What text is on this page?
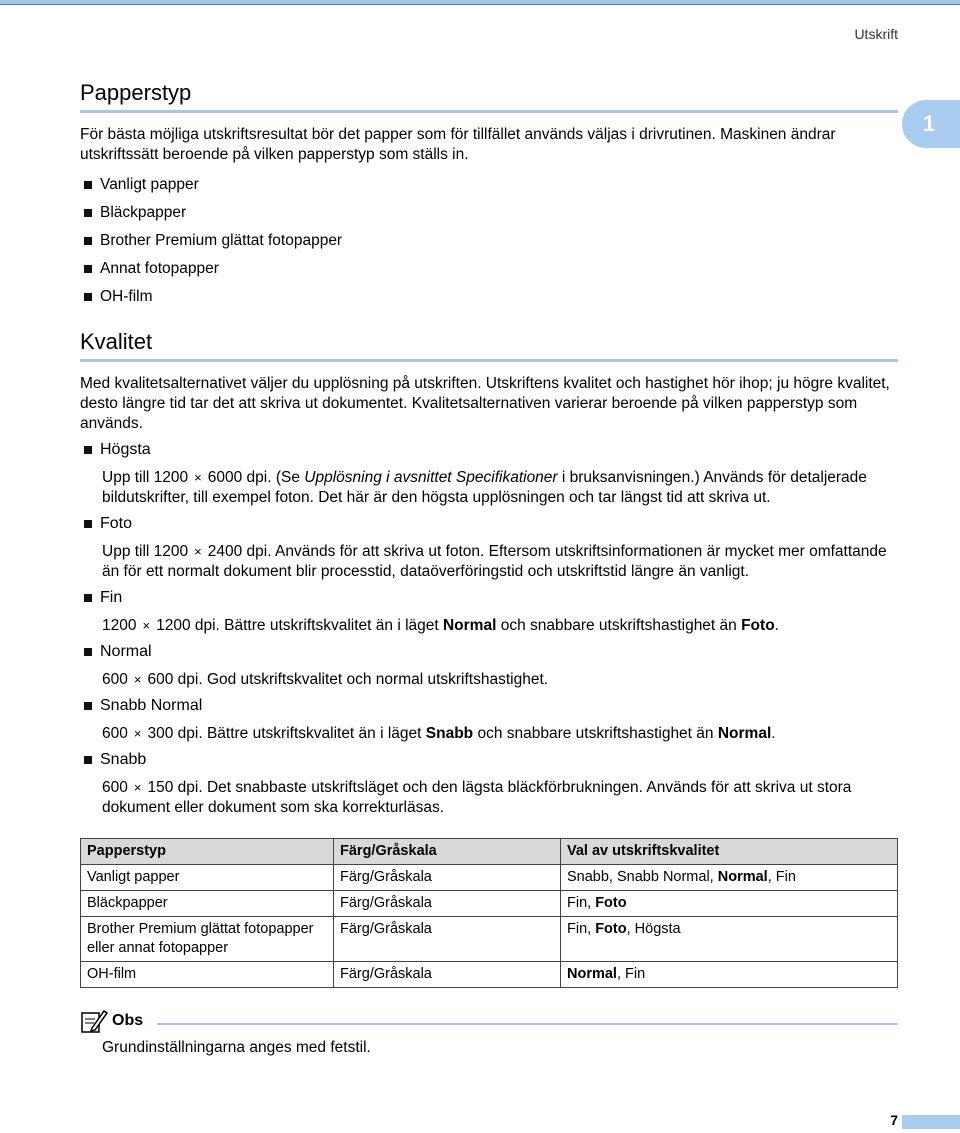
Utskrift
1
Papperstyp

För bästa möjliga utskriftsresultat bör det papper som för tillfället används väljas i drivrutinen. Maskinen ändrar utskriftssätt beroende på vilken papperstyp som ställs in.

Vanligt papper
Bläckpapper
Brother Premium glättat fotopapper
Annat fotopapper
OH-film
Kvalitet

Med kvalitetsalternativet väljer du upplösning på utskriften. Utskriftens kvalitet och hastighet hör ihop; ju högre kvalitet, desto längre tid tar det att skriva ut dokumentet. Kvalitetsalternativen varierar beroende på vilken papperstyp som används.

Högsta

Upp till 1200 × 6000 dpi. (Se Upplösning i avsnittet Specifikationer i bruksanvisningen.) Används för detaljerade bildutskrifter, till exempel foton. Det här är den högsta upplösningen och tar längst tid att skriva ut.

Foto

Upp till 1200 × 2400 dpi. Används för att skriva ut foton. Eftersom utskriftsinformationen är mycket mer omfattande än för ett normalt dokument blir processtid, dataöverföringstid och utskriftstid längre än vanligt.

Fin

1200 × 1200 dpi. Bättre utskriftskvalitet än i läget Normal och snabbare utskriftshastighet än Foto.

Normal

600 × 600 dpi. God utskriftskvalitet och normal utskriftshastighet.

Snabb Normal

600 × 300 dpi. Bättre utskriftskvalitet än i läget Snabb och snabbare utskriftshastighet än Normal.

Snabb

600 × 150 dpi. Det snabbaste utskriftsläget och den lägsta bläckförbrukningen. Används för att skriva ut stora dokument eller dokument som ska korrekturläsas.

Papperstyp	Färg/Gråskala	Val av utskriftskvalitet
Vanligt papper	Färg/Gråskala	Snabb, Snabb Normal, Normal, Fin
Bläckpapper	Färg/Gråskala	Fin, Foto
Brother Premium glättat fotopapper eller annat fotopapper	Färg/Gråskala	Fin, Foto, Högsta
OH-film	Färg/Gråskala	Normal, Fin
Obs

Grundinställningarna anges med fetstil.

7
